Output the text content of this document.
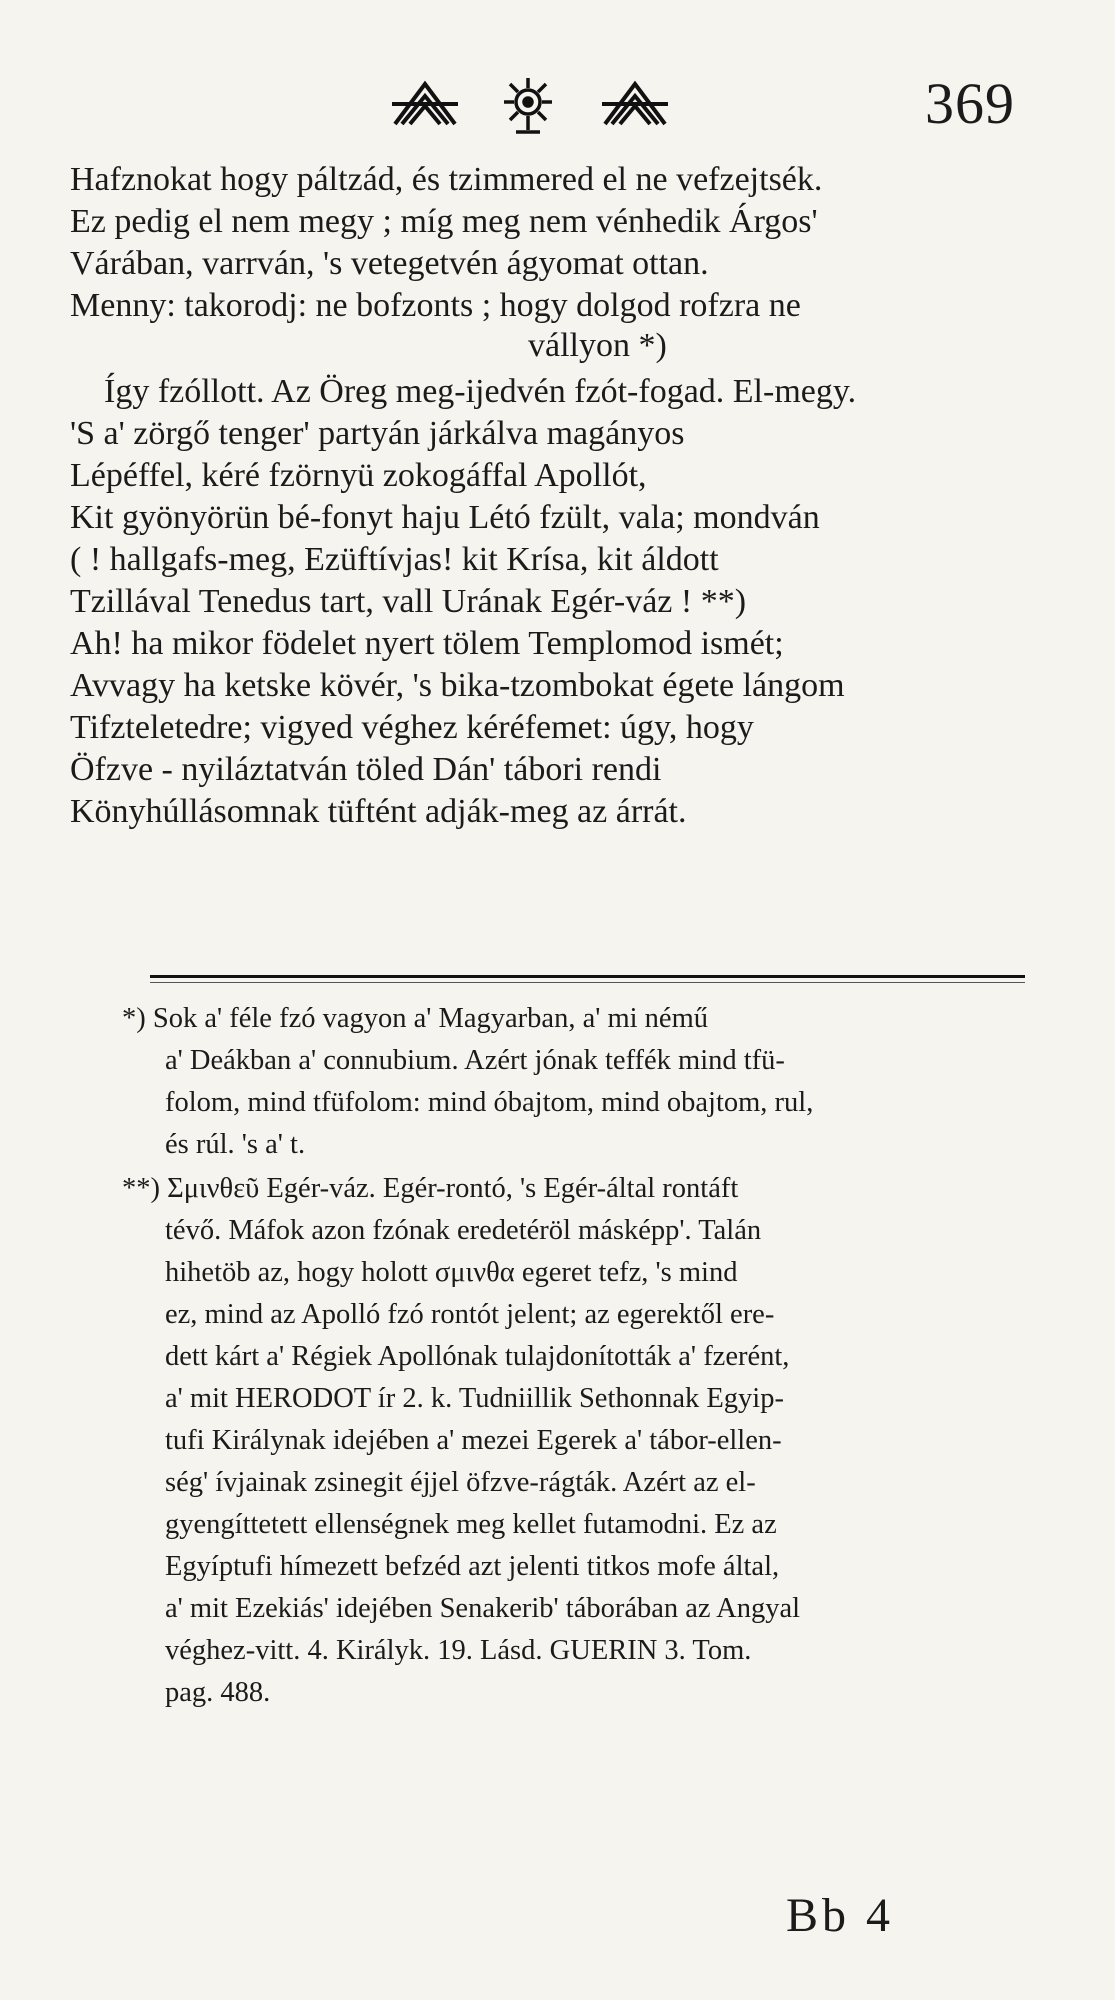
369
Hafznokat hogy páltzád, és tzimmered el ne vefzejtsék.
Ez pedig el nem megy ; míg meg nem vénhedik Árgos'
Várában, varrván, 's vetegetvén ágyomat ottan.
Menny: takorodj: ne bofzonts ; hogy dolgod rofzra ne
vállyon *)
Így fzóllott. Az Öreg meg-ijedvén fzót-fogad. El-megy.
'S a' zörgő tenger' partyán járkálva magányos
Lépéffel, kéré fzörnyü zokogáffal Apollót,
Kit gyönyörün bé-fonyt haju Létó fzült, vala; mondván
( ! hallgafs-meg, Ezüftívjas! kit Krísa, kit áldott
Tzillával Tenedus tart, vall Urának Egér-váz ! **)
Ah! ha mikor födelet nyert tölem Templomod ismét;
Avvagy ha ketske kövér, 's bika-tzombokat égete lángom
Tifzteletedre; vigyed véghez kéréfemet: úgy, hogy
Öfzve - nyiláztatván töled Dán' tábori rendi
Könyhúllásomnak tüftént adják-meg az árrát.
*) Sok a' féle fzó vagyon a' Magyarban, a' mi némű
a' Deákban a' connubium. Azért jónak teffék mind tfü-
folom, mind tfüfolom: mind óbajtom, mind obajtom, rul,
és rúl. 's a' t.
**) Σμινθεῦ Egér-váz. Egér-rontó, 's Egér-által rontáft
tévő. Máfok azon fzónak eredetéröl másképp'. Talán
hihetöb az, hogy holott σμινθα egeret tefz, 's mind
ez, mind az Apolló fzó rontót jelent; az egerektől ere-
dett kárt a' Régiek Apollónak tulajdonították a' fzerént,
a' mit HERODOT ír 2. k. Tudniillik Sethonnak Egyip-
tufi Királynak idejében a' mezei Egerek a' tábor-ellen-
ség' ívjainak zsinegit éjjel öfzve-rágták. Azért az el-
gyengíttetett ellenségnek meg kellet futamodni. Ez az
Egyíptufi hímezett befzéd azt jelenti titkos mofe által,
a' mit Ezekiás' idejében Senakerib' táborában az Angyal
véghez-vitt. 4. Királyk. 19. Lásd. GUERIN 3. Tom.
pag. 488.
Bb 4
